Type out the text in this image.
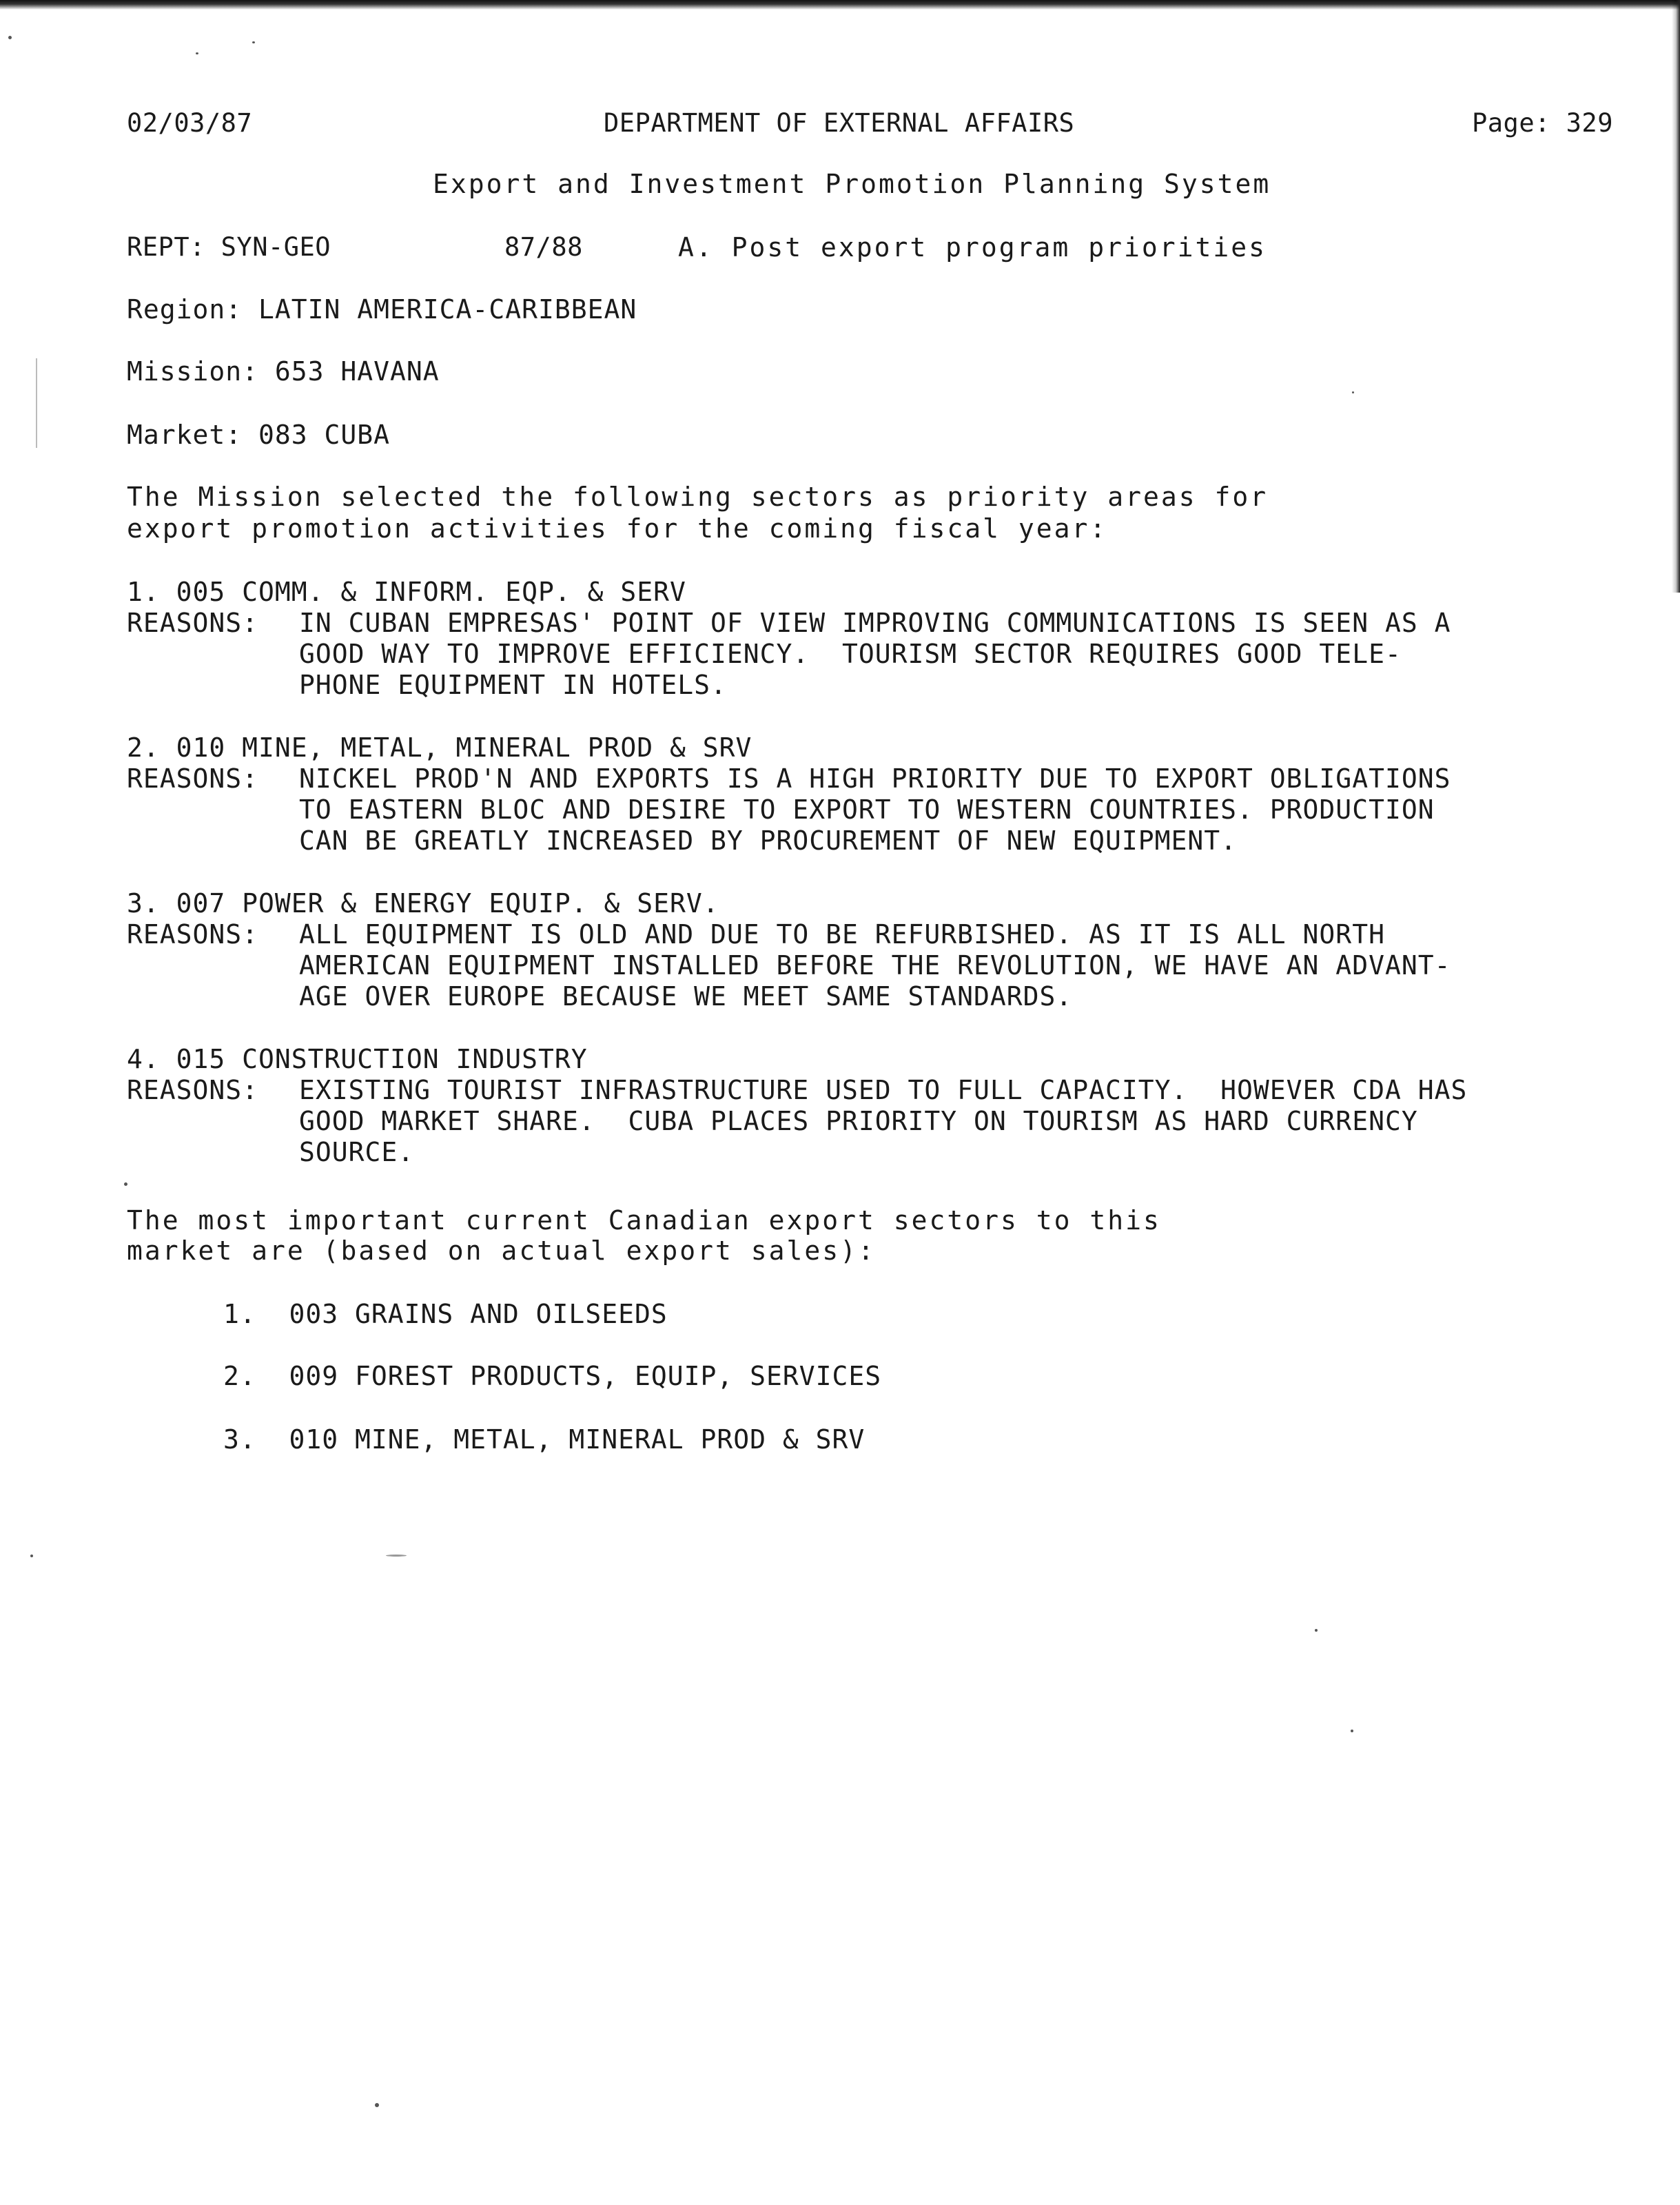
02/03/87	DEPARTMENT OF EXTERNAL AFFAIRS	Page: 329
Export and Investment Promotion Planning System
REPT: SYN-GEO	87/88	A. Post export program priorities
Region: LATIN AMERICA-CARIBBEAN
Mission: 653 HAVANA
Market: 083 CUBA
The Mission selected the following sectors as priority areas for
export promotion activities for the coming fiscal year:
1. 005 COMM. & INFORM. EQP. & SERV
REASONS: IN CUBAN EMPRESAS' POINT OF VIEW IMPROVING COMMUNICATIONS IS SEEN AS A
GOOD WAY TO IMPROVE EFFICIENCY.  TOURISM SECTOR REQUIRES GOOD TELE-
PHONE EQUIPMENT IN HOTELS.
2. 010 MINE, METAL, MINERAL PROD & SRV
REASONS: NICKEL PROD'N AND EXPORTS IS A HIGH PRIORITY DUE TO EXPORT OBLIGATIONS
TO EASTERN BLOC AND DESIRE TO EXPORT TO WESTERN COUNTRIES. PRODUCTION
CAN BE GREATLY INCREASED BY PROCUREMENT OF NEW EQUIPMENT.
3. 007 POWER & ENERGY EQUIP. & SERV.
REASONS: ALL EQUIPMENT IS OLD AND DUE TO BE REFURBISHED. AS IT IS ALL NORTH
AMERICAN EQUIPMENT INSTALLED BEFORE THE REVOLUTION, WE HAVE AN ADVANT-
AGE OVER EUROPE BECAUSE WE MEET SAME STANDARDS.
4. 015 CONSTRUCTION INDUSTRY
REASONS: EXISTING TOURIST INFRASTRUCTURE USED TO FULL CAPACITY.  HOWEVER CDA HAS
GOOD MARKET SHARE.  CUBA PLACES PRIORITY ON TOURISM AS HARD CURRENCY
SOURCE.
The most important current Canadian export sectors to this
market are (based on actual export sales):
1.  003 GRAINS AND OILSEEDS
2.  009 FOREST PRODUCTS, EQUIP, SERVICES
3.  010 MINE, METAL, MINERAL PROD & SRV
